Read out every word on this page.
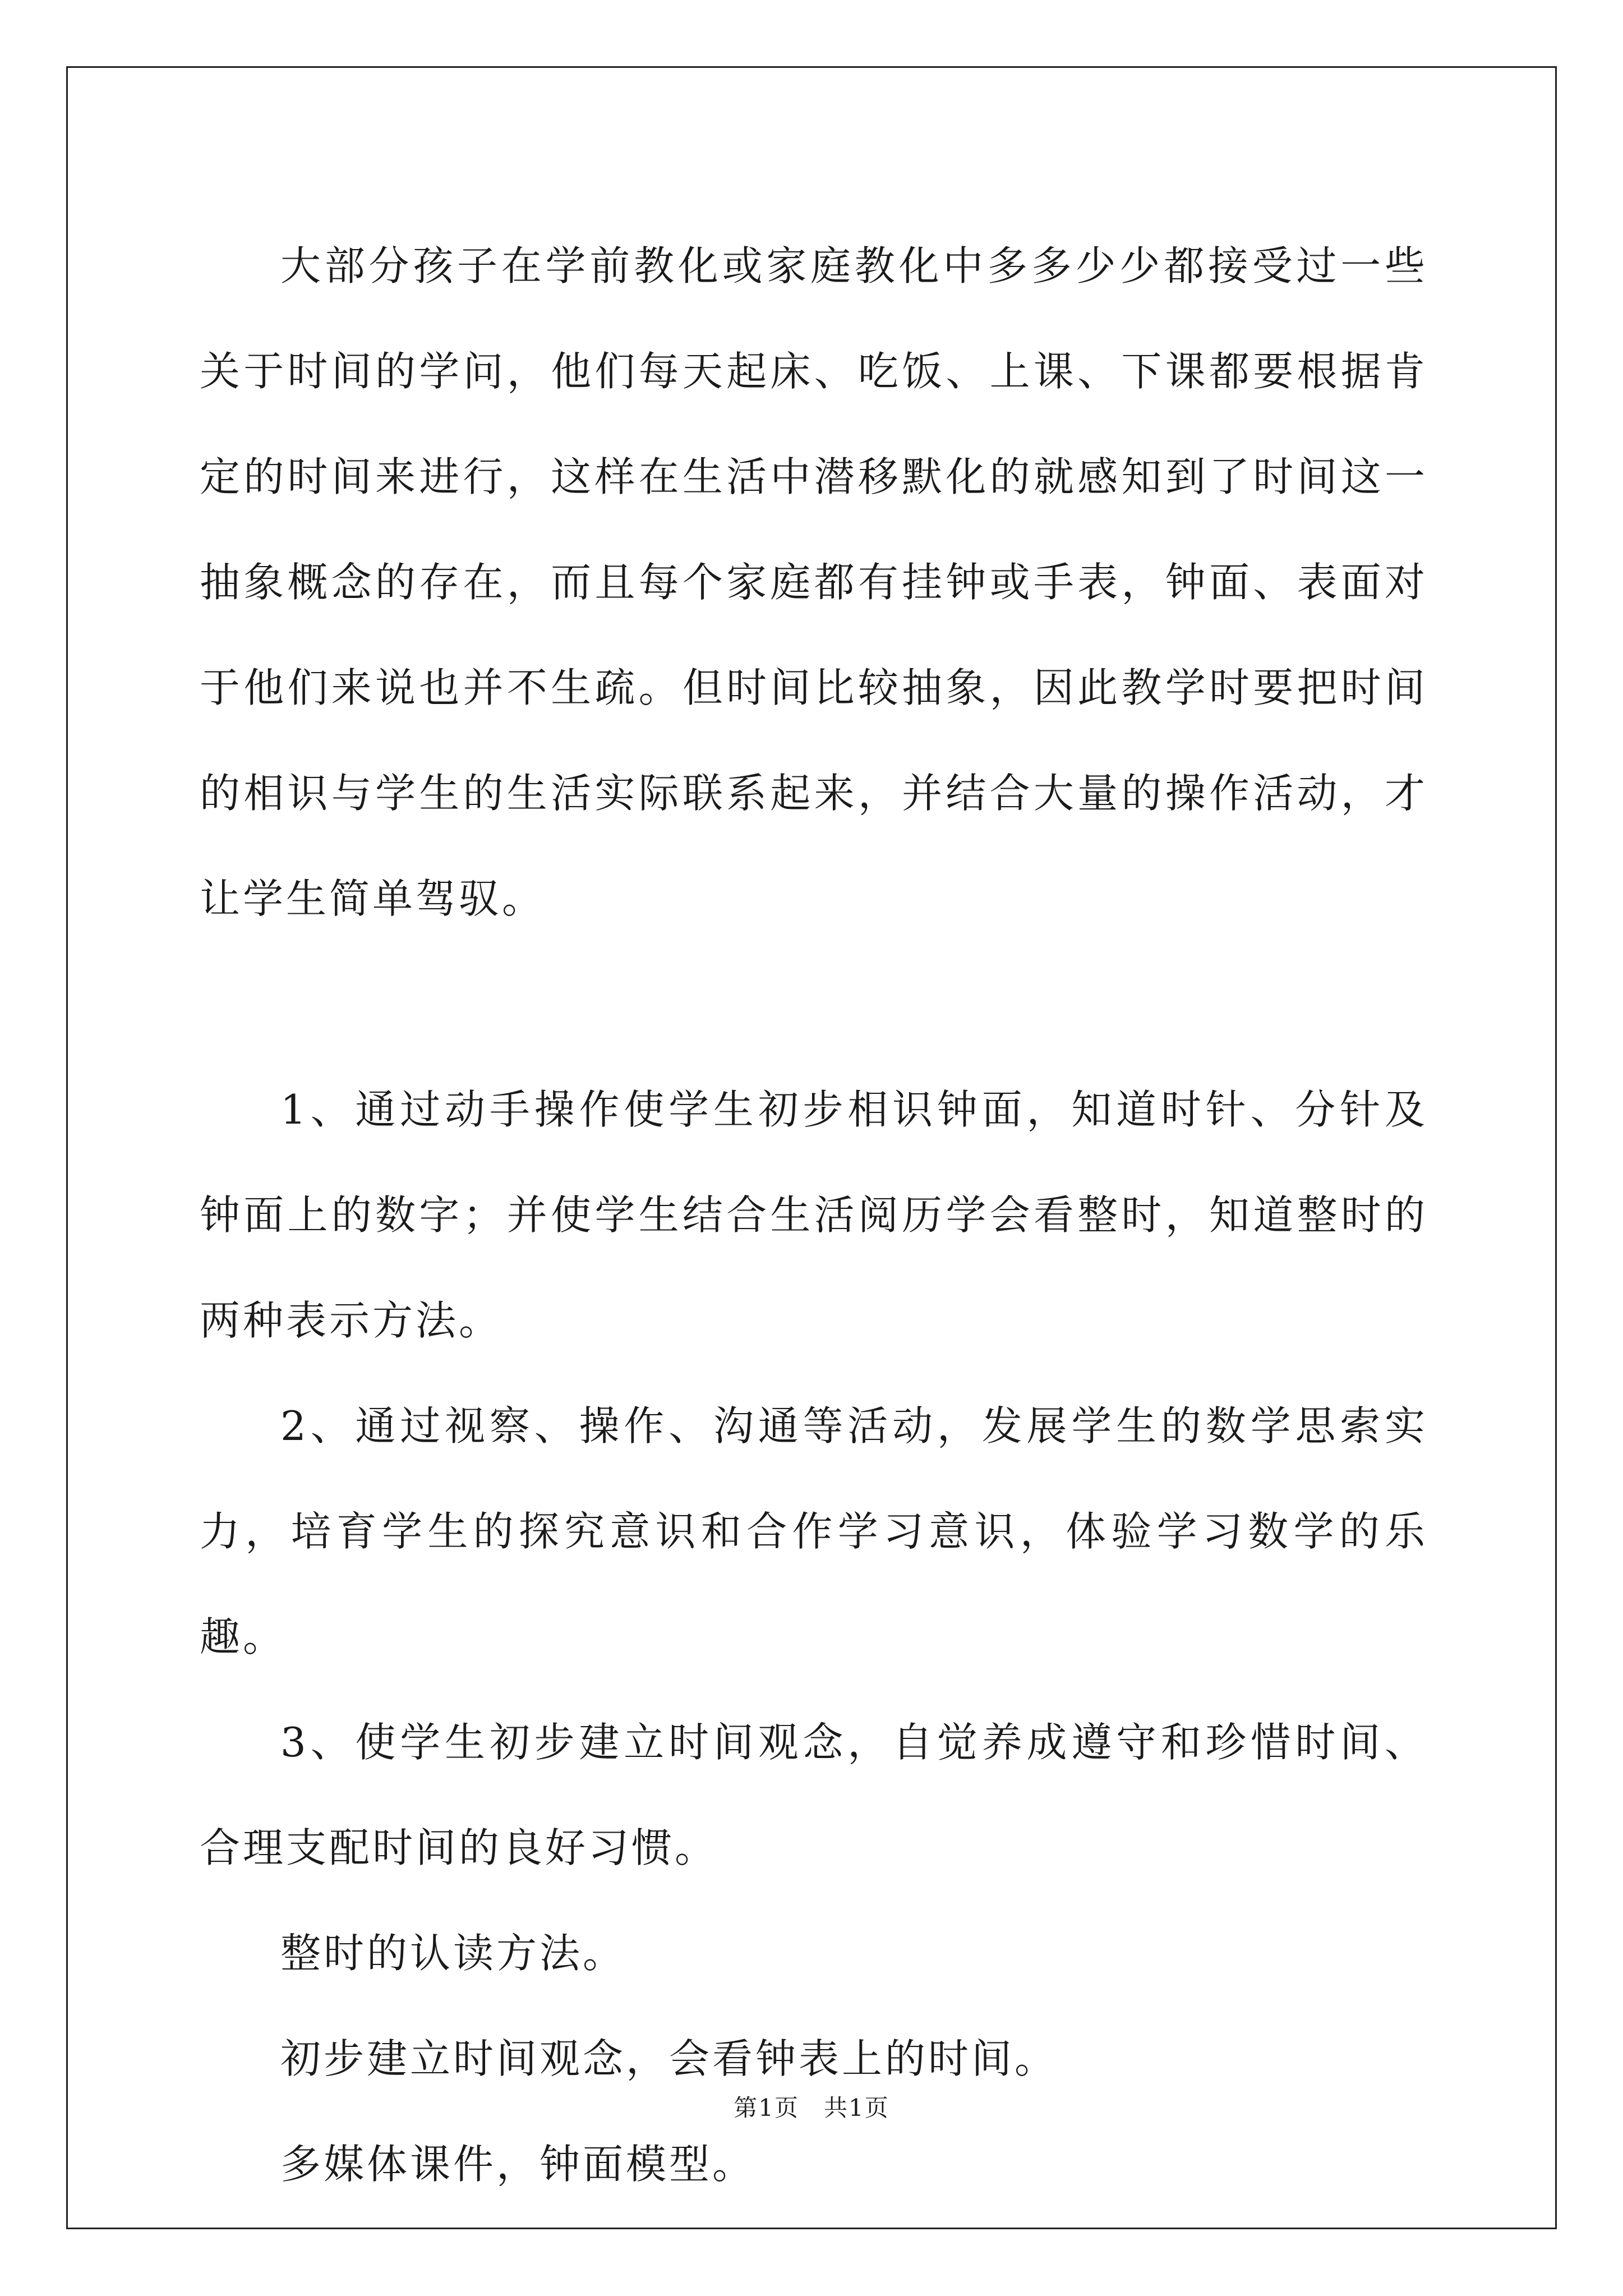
大部分孩子在学前教化或家庭教化中多多少少都接受过一些关于时间的学问，他们每天起床、吃饭、上课、下课都要根据肯定的时间来进行，这样在生活中潜移默化的就感知到了时间这一抽象概念的存在，而且每个家庭都有挂钟或手表，钟面、表面对于他们来说也并不生疏。但时间比较抽象，因此教学时要把时间的相识与学生的生活实际联系起来，并结合大量的操作活动，才让学生简单驾驭。

1、通过动手操作使学生初步相识钟面，知道时针、分针及钟面上的数字；并使学生结合生活阅历学会看整时，知道整时的两种表示方法。

2、通过视察、操作、沟通等活动，发展学生的数学思索实力，培育学生的探究意识和合作学习意识，体验学习数学的乐趣。

3、使学生初步建立时间观念，自觉养成遵守和珍惜时间、合理支配时间的良好习惯。

整时的认读方法。

初步建立时间观念，会看钟表上的时间。

多媒体课件，钟面模型。

第1页　共1页
